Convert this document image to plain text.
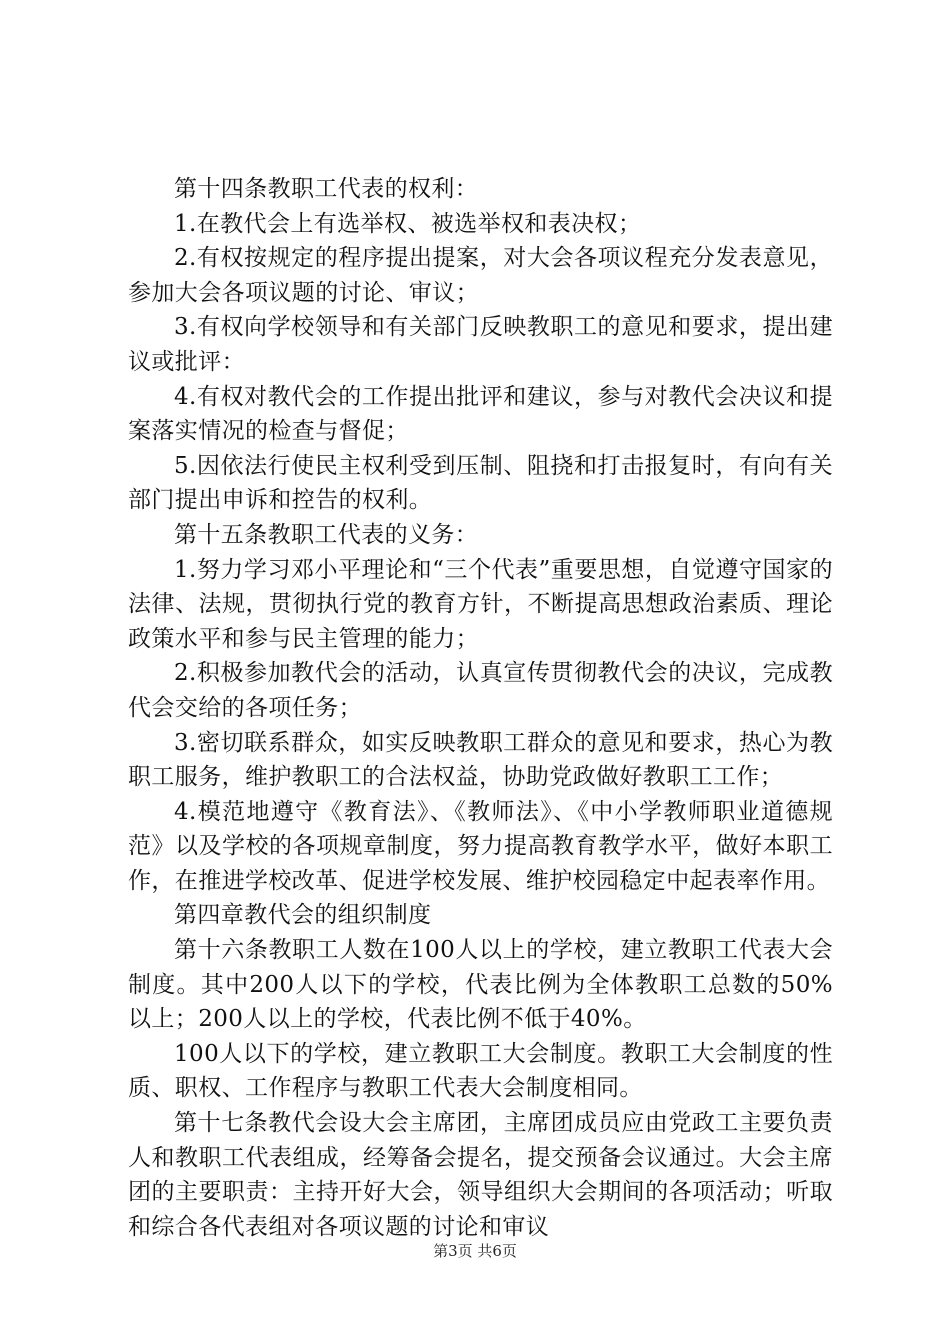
第十四条教职工代表的权利：

1.在教代会上有选举权、被选举权和表决权；

2.有权按规定的程序提出提案，对大会各项议程充分发表意见，参加大会各项议题的讨论、审议；

3.有权向学校领导和有关部门反映教职工的意见和要求，提出建议或批评：

4.有权对教代会的工作提出批评和建议，参与对教代会决议和提案落实情况的检查与督促；

5.因依法行使民主权利受到压制、阻挠和打击报复时，有向有关部门提出申诉和控告的权利。

第十五条教职工代表的义务：

1.努力学习邓小平理论和“三个代表”重要思想，自觉遵守国家的法律、法规，贯彻执行党的教育方针，不断提高思想政治素质、理论政策水平和参与民主管理的能力；

2.积极参加教代会的活动，认真宣传贯彻教代会的决议，完成教代会交给的各项任务；

3.密切联系群众，如实反映教职工群众的意见和要求，热心为教职工服务，维护教职工的合法权益，协助党政做好教职工工作；

4.模范地遵守《教育法》、《教师法》、《中小学教师职业道德规范》以及学校的各项规章制度，努力提高教育教学水平，做好本职工作，在推进学校改革、促进学校发展、维护校园稳定中起表率作用。

第四章教代会的组织制度

第十六条教职工人数在100人以上的学校，建立教职工代表大会制度。其中200人以下的学校，代表比例为全体教职工总数的50%以上；200人以上的学校，代表比例不低于40%。

100人以下的学校，建立教职工大会制度。教职工大会制度的性质、职权、工作程序与教职工代表大会制度相同。

第十七条教代会设大会主席团，主席团成员应由党政工主要负责人和教职工代表组成，经筹备会提名，提交预备会议通过。大会主席团的主要职责：主持开好大会，领导组织大会期间的各项活动；听取和综合各代表组对各项议题的讨论和审议

第3页 共6页
